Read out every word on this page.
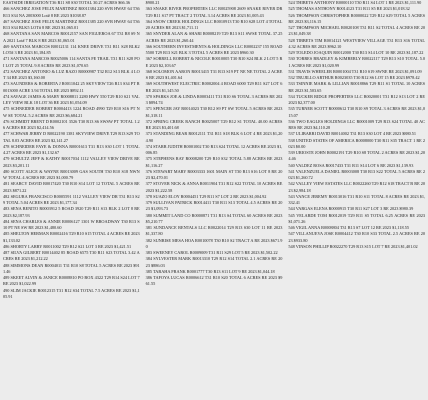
EASTSIDE IRRIGATION T36 R11 S8 S30 TOTAL 30.27 ACRES $66.36

466 SANCHEZ JOSE FELIX MARTINEZ R0011384 220 SVR HWAY 64 T36 R13 S34 NA 2003000 Lot# 8 RE 2023 $1038.87

467 SANCHEZ JOSE FELIX MARTINEZ R0011385 220 SVR HWAY 64 T36 R13 S34 BLK5 LOT# 8 RE 2023 $1,065.01

468 SANTANA SAN MARCOS R0012157 SAN FIGUEROA 67 T31 R8 S9 NA 2021 Lot# 7 BLK 8 RE 2023 $1,065.01

469 SANTANA MARCOS R0012131 114 KNEE DRIVE T31 R11 S28 BLK2 LOT# 3 RE 2023 $1,184.85

471 SANTANA MARCOS R0025006 114 SANTA FE TRAIL T31 R11 S28 POI LOT 25 TOTAL 9.8 ACRES RE 2023 $1,070.65

472 SANCHEZ ANTONIO & LUZ RAZO R0000987 T32 R12 S13 BLK 4 LOT 34 RE 2023 $3,160.00

473 SAUNDERS & ROBERTA J R0011042 25 SKYVIEW T26 R13 S34 PT R0013000 ACRE 3.94 TOTAL RE 2023 $892.11

474 SAVAGE JAMES & MARY R0008811 2280 HWY 550 T29 R10 S21 VALLEY VIEW BLK 18 LOT 36 RE 2023 $1,054.09

475 SCHNEIDER ROBERT R0004413 1224 ROAD 4990 T29 R10 S16 PT NW SE TOTAL 5.2 ACRES RE 2023 $6,684.21

476 SCHMIDT BRENT D R0002101 3526 T30 R13 S6 SWSW PT TOTAL 1.26 ACRES RE 2023 $2,414.56

477 SCHWAB JERRY D R0022190 1381 SKYVIEW DRIVE T29 R13 S29 TOTAL 8.03 ACRES RE 2023 $2,141.27

478 SCHNEIDER FAYE & DONNA R0001613 T31 R13 S30 LOT 1 TOTAL 4.27 ACRES RE 2023 $1,132.67

479 SCHULTZ JEFF & KATHY R0017034 1112 VALLEY VIEW DRIVE RE 2023 $3,201.11

480 SCOTT ALICE & WAYNE R0013009 GAS SOUTH T30 R10 S18 NWNW TOTAL 4 ACRES RE 2023 $1,000.79

481 SEARCY DAVID R0017420 T30 R10 S14 LOT 12 TOTAL 5 ACRES RE 2023 $871.22

482 SEGURA FRANCISCO R0005591 1112 VALLEY VIEW DR T31 R13 S29 TOTAL 5.04 ACRES RE 2023 $1,177.34

483 SENA BENITO R0003912 5 ROAD 3920 T29 R11 S13 BLK 2 LOT 8 RE 2023 $2,187.93

484 SENA CHARLES & ANNIE R0006127 1301 W BROADWAY T30 R13 S10 PT NE SW RE 2023 $1,480.60

485 SHELTON HERMAN R0002416 T29 R10 S15 TOTAL 4 ACRES RE 2023 $1,133.02

486 SHORTY LARRY R0011002 T29 R12 S21 LOT 3 RE 2023 $1,421.51

487 SILVA GILBERT R0014402 85 ROAD 6575 T30 R11 S23 TOTAL 3.42 ACRES RE 2023 $1,212.22

488 SIMMONS DEAN R0004011 T31 R10 S8 TOTAL 5 ACRES RE 2023 $911.46

489 SKEET ALVIN & JANICE R0008810 PO BOX 4322 T29 R14 S24 LOT 7 RE 2023 $1,022.99

490 SLIM JACKIE R0012315 T31 R12 S34 TOTAL 7.5 ACRES RE 2023 $1,105.91

$900.21

363 SNAKE RIVER PROPERTIES LLC R0025908 2609 SNAKE RIVER DR T29 R11 S17 PT TRACT 2 TOTAL 3.14 ACRES RE 2023 $1,005.43

364 SNOW CREEK HOLDINGS LLC R0010913 T30 R10 S28 LOT 4 TOTAL 20 ACRES RE 2023 $1,711.11

365 SNYDER ALAN & SHARI R0008219 T29 R13 S11 SWSE TOTAL 37.25 ACRES RE 2023 $1,260.44

366 SOUTHERN INVESTMENTS & HOLDINGS LLC R0002237 155 ROAD 5500 T29 R13 S21 BLK 3 TOTAL 5 ACRES RE 2023 $960.30

367 SORRELL ROBERT & NICOLE R0010005 T30 R10 S24 BLK 2 LOT 5 RE 2023 $2,103.67

368 SOLOMON AARON R0013415 T31 R13 S19 PT NE NE TOTAL 2 ACRES RE 2023 $1,401.64

369 SOUTHWEST ELECTRIC R0002004 4 ROAD 6000 T29 R11 S27 LOT 6 RE 2023 $1,145.50

370 SPARKS JOE & LINDA R0003411 T31 R10 S6 TOTAL 3 ACRES RE 2023 $894.74

371 SPENCER JAY R0014023 T30 R12 S9 PT SW TOTAL 5 ACRES RE 2023 $1,318.11

372 SPRING CREEK RANCH R0025007 T29 R12 S1 TOTAL 40.00 ACRES RE 2023 $3,401.68

373 STANDING BEAR R0012111 T31 R11 S18 BLK 6 LOT 4 RE 2023 $1,204.90

374 STARR JUDITH R0001002 T30 R13 S24 TOTAL 12 ACRES RE 2023 $1,006.85

375 STEPHENS RAY R0008200 T29 R10 S32 TOTAL 5.88 ACRES RE 2023 $1,116.27

376 STEWART MARY R0003333 1601 MAIN ST T30 R13 S16 LOT 8 RE 2023 $2,470.01

377 STOVER NICK & ANNA R0011904 T31 R12 S22 TOTAL 10 ACRES RE 2023 $1,222.58

378 SUAZO ELOY R0004451 T29 R11 S7 LOT 2 RE 2023 $1,004.92

379 SULLIVAN PATRICK R0014411 T30 R11 S13 TOTAL 4.5 ACRES RE 2023 $1,093.73

380 SUMMIT LAND CO R0000871 T31 R13 S4 TOTAL 60 ACRES RE 2023 $5,210.77

381 SUNDANCE RENTALS LLC R0022014 T29 R13 S30 LOT 11 RE 2023 $1,337.80

382 SUNRISE MESA HOA R0010078 T30 R10 S2 TRACT A RE 2023 $671.90

383 SWEENEY CAROL R0009009 T31 R11 S29 LOT 5 RE 2023 $1,502.22

384 SYLVESTER MARK R0013310 T29 R12 S14 TOTAL 2.1 ACRES RE 2023 $886.03

385 TABAHA FRANK R0001777 T30 R13 S11 LOT 9 RE 2023 $1,044.18

386 TAFOYA LUCAS R0006612 T31 R10 S20 TOTAL 6 ACRES RE 2023 $961.55

524 THIBETS ANTHONY R0000110 T30 R11 S4 LOT 1 RE 2023 $1,111.90

525 THOMAS ANTHONY R0014123 T31 R11 S5 RE 2023 $1,018.32

526 THOMPSON CHRISTOPHER R0000022 T29 R12 S29 TOTAL 5 ACRES RE 2023 $3,116.15

527 THOMPSON MICHAEL R0020108 T31 R11 S2 TOTAL 4 ACRES RE 2023 $1,049.38

528 TIBBETS TIM R0014121 WESTVIEW VILLAGE T31 R13 S16 TOTAL 4.32 ACRES RE 2023 $962.10

529 TOLEDO JOAQUIN R0012000 T30 R13 S14 LOT 10 RE 2023 $1,187.22

530 TORRES BRADLEY & KIMBERLY R0022117 T29 R13 S10 TOTAL 5.01 ACRES RE 2023 $1,020.99

531 TRAVIS WHEELER R0001004 T31 R10 S19 SWNE RE 2023 $1,091.09

532 TRUJILLO ARTHUR R0023035 T30 R12 S6 LOT 15 RE 2023 $978.42

533 TSINNIE MARK & LILLIAN R0018866 T29 R11 S1 TOTAL 10 ACRES RE 2023 $1,503.65

534 TUCKER RIDGE PROPERTIES LLC R0020001 T31 R12 S13 LOT 2 RE 2023 $2,377.00

535 TURNER SCOTT R0000612 T30 R10 S9 TOTAL 3 ACRES RE 2023 $1,015.07

536 TWO EAGLES HOLDINGS LLC R0001009 T29 R13 S24 TOTAL 40 ACRES RE 2023 $4,110.28

537 ULIBARRI DAVID R0014002 T31 R13 S30 LOT 4 RE 2023 $880.51

538 UNITED STATES OF AMERICA R0008000 T30 R11 S35 TRACT 1 RE 2023 $0.00

539 URIOSTE JOHN R0002191 T29 R10 S8 TOTAL 2 ACRES RE 2023 $1,204.46

540 VALDEZ ROSA R0017433 T31 R11 S14 LOT 6 RE 2023 $1,139.93

541 VALENZUELA DANIEL R0003008 T30 R13 S22 TOTAL 5 ACRES RE 2023 $1,260.72

542 VALLEY VIEW ESTATES LLC R0022260 T29 R12 S18 TRACT B RE 2023 $2,984.18

543 VANCE JEREMY R0013016 T31 R10 S11 TOTAL 8 ACRES RE 2023 $1,332.41

544 VARGAS ELENA R0000915 T30 R11 S27 LOT 3 RE 2023 $980.39

545 VELARDE TOM R0012019 T29 R11 S5 TOTAL 6.25 ACRES RE 2023 $1,071.26

546 VIGIL ANNA R0008804 T31 R13 S7 LOT 12 RE 2023 $1,118.55

547 VILLANUEVA JOSE R0004412 T30 R10 S33 TOTAL 2.5 ACRES RE 2023 $933.80

548 VINSON PHILLIP R0022270 T29 R13 S15 LOT 7 RE 2023 $1,401.02
